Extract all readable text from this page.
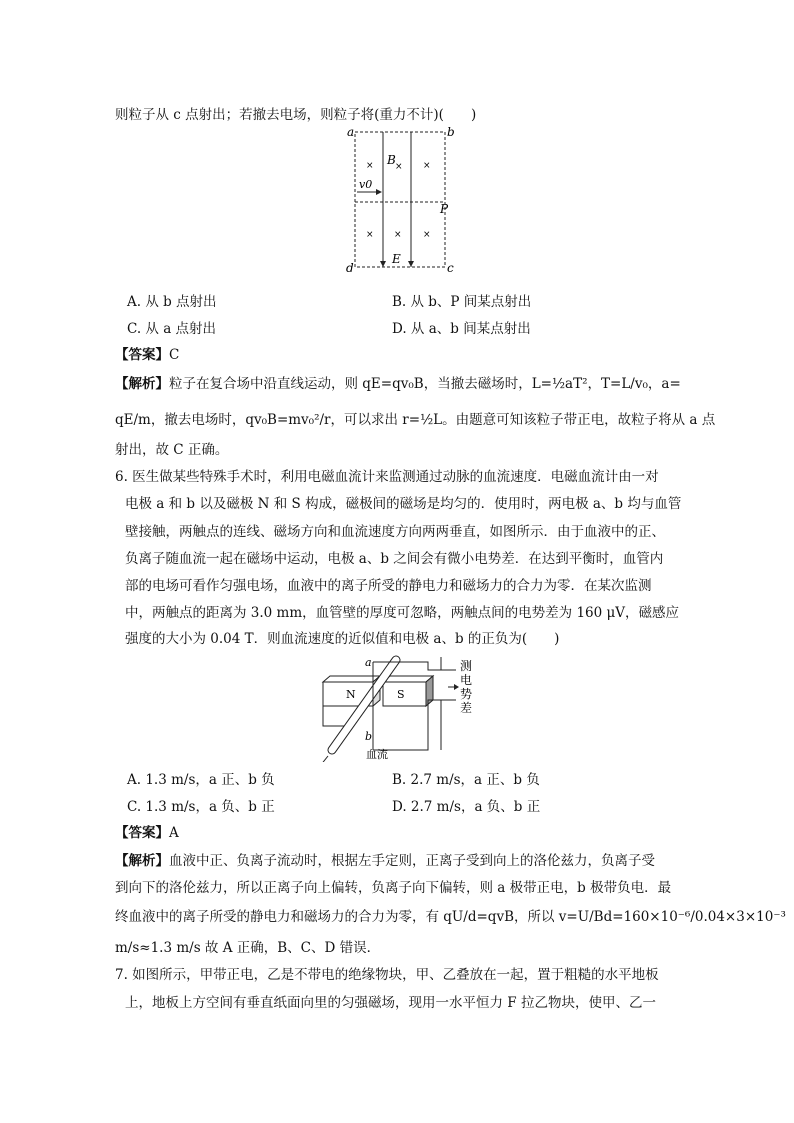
则粒子从 c 点射出；若撤去电场，则粒子将(重力不计)(　　)
a	b
c
d
B
v0
P
E
× × ×
× × ×
A. 从 b 点射出	B. 从 b、P 间某点射出
C. 从 a 点射出	D. 从 a、b 间某点射出
【答案】C
【解析】粒子在复合场中沿直线运动，则 qE=qv₀B，当撤去磁场时，L=½aT²，T=L/v₀，a=
qE/m，撤去电场时，qv₀B=mv₀²/r，可以求出 r=½L。由题意可知该粒子带正电，故粒子将从 a 点
射出，故 C 正确。
6. 医生做某些特殊手术时，利用电磁血流计来监测通过动脉的血流速度．电磁血流计由一对
电极 a 和 b 以及磁极 N 和 S 构成，磁极间的磁场是均匀的．使用时，两电极 a、b 均与血管
壁接触，两触点的连线、磁场方向和血流速度方向两两垂直，如图所示．由于血液中的正、
负离子随血流一起在磁场中运动，电极 a、b 之间会有微小电势差．在达到平衡时，血管内
部的电场可看作匀强电场，血液中的离子所受的静电力和磁场力的合力为零．在某次监测
中，两触点的距离为 3.0 mm，血管壁的厚度可忽略，两触点间的电势差为 160 μV，磁感应
强度的大小为 0.04 T．则血流速度的近似值和电极 a、b 的正负为(　　)
a
b
N	S
测
电
势
差
血流
A. 1.3 m/s，a 正、b 负	B. 2.7 m/s，a 正、b 负
C. 1.3 m/s，a 负、b 正	D. 2.7 m/s，a 负、b 正
【答案】A
【解析】血液中正、负离子流动时，根据左手定则，正离子受到向上的洛伦兹力，负离子受
到向下的洛伦兹力，所以正离子向上偏转，负离子向下偏转，则 a 极带正电，b 极带负电．最
终血液中的离子所受的静电力和磁场力的合力为零，有 qU/d=qvB，所以 v=U/Bd=160×10⁻⁶/0.04×3×10⁻³
m/s≈1.3 m/s 故 A 正确，B、C、D 错误．
7. 如图所示，甲带正电，乙是不带电的绝缘物块，甲、乙叠放在一起，置于粗糙的水平地板
上，地板上方空间有垂直纸面向里的匀强磁场，现用一水平恒力 F 拉乙物块，使甲、乙一
